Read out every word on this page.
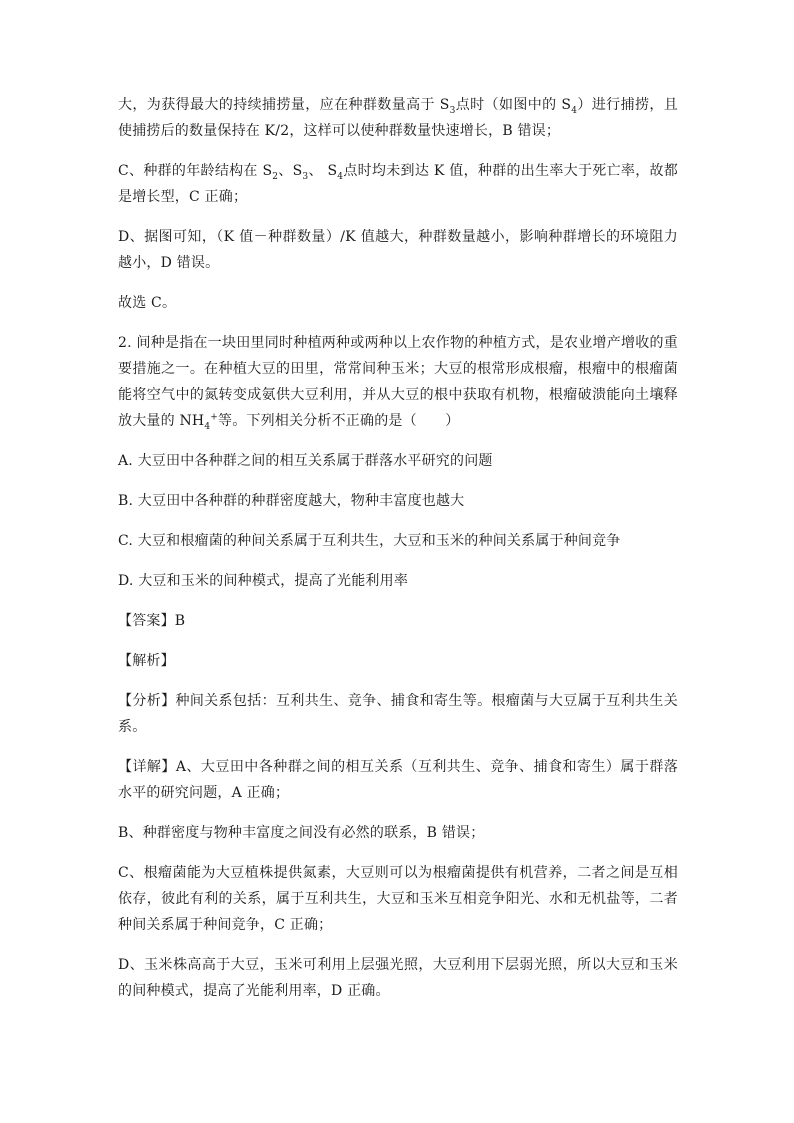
大，为获得最大的持续捕捞量，应在种群数量高于 $S_3$点时（如图中的 $S_4$）进行捕捞，且使捕捞后的数量保持在 K/2，这样可以使种群数量快速增长，B 错误；

C、种群的年龄结构在 $S_2$、$S_3$、 $S_4$点时均未到达 K 值，种群的出生率大于死亡率，故都是增长型，C 正确；

D、据图可知，（K 值－种群数量）/K 值越大，种群数量越小，影响种群增长的环境阻力越小，D 错误。

故选 C。

2. 间种是指在一块田里同时种植两种或两种以上农作物的种植方式，是农业增产增收的重要措施之一。在种植大豆的田里，常常间种玉米；大豆的根常形成根瘤，根瘤中的根瘤菌能将空气中的氮转变成氨供大豆利用，并从大豆的根中获取有机物，根瘤破溃能向土壤释放大量的 $NH_4^+$等。下列相关分析不正确的是（　　）

A. 大豆田中各种群之间的相互关系属于群落水平研究的问题

B. 大豆田中各种群的种群密度越大，物种丰富度也越大

C. 大豆和根瘤菌的种间关系属于互利共生，大豆和玉米的种间关系属于种间竞争

D. 大豆和玉米的间种模式，提高了光能利用率

【答案】B

【解析】

【分析】种间关系包括：互利共生、竞争、捕食和寄生等。根瘤菌与大豆属于互利共生关系。

【详解】A、大豆田中各种群之间的相互关系（互利共生、竞争、捕食和寄生）属于群落水平的研究问题，A 正确；

B、种群密度与物种丰富度之间没有必然的联系，B 错误；

C、根瘤菌能为大豆植株提供氮素，大豆则可以为根瘤菌提供有机营养，二者之间是互相依存，彼此有利的关系，属于互利共生，大豆和玉米互相竞争阳光、水和无机盐等，二者种间关系属于种间竞争，C 正确；

D、玉米株高高于大豆，玉米可利用上层强光照，大豆利用下层弱光照，所以大豆和玉米的间种模式，提高了光能利用率，D 正确。
